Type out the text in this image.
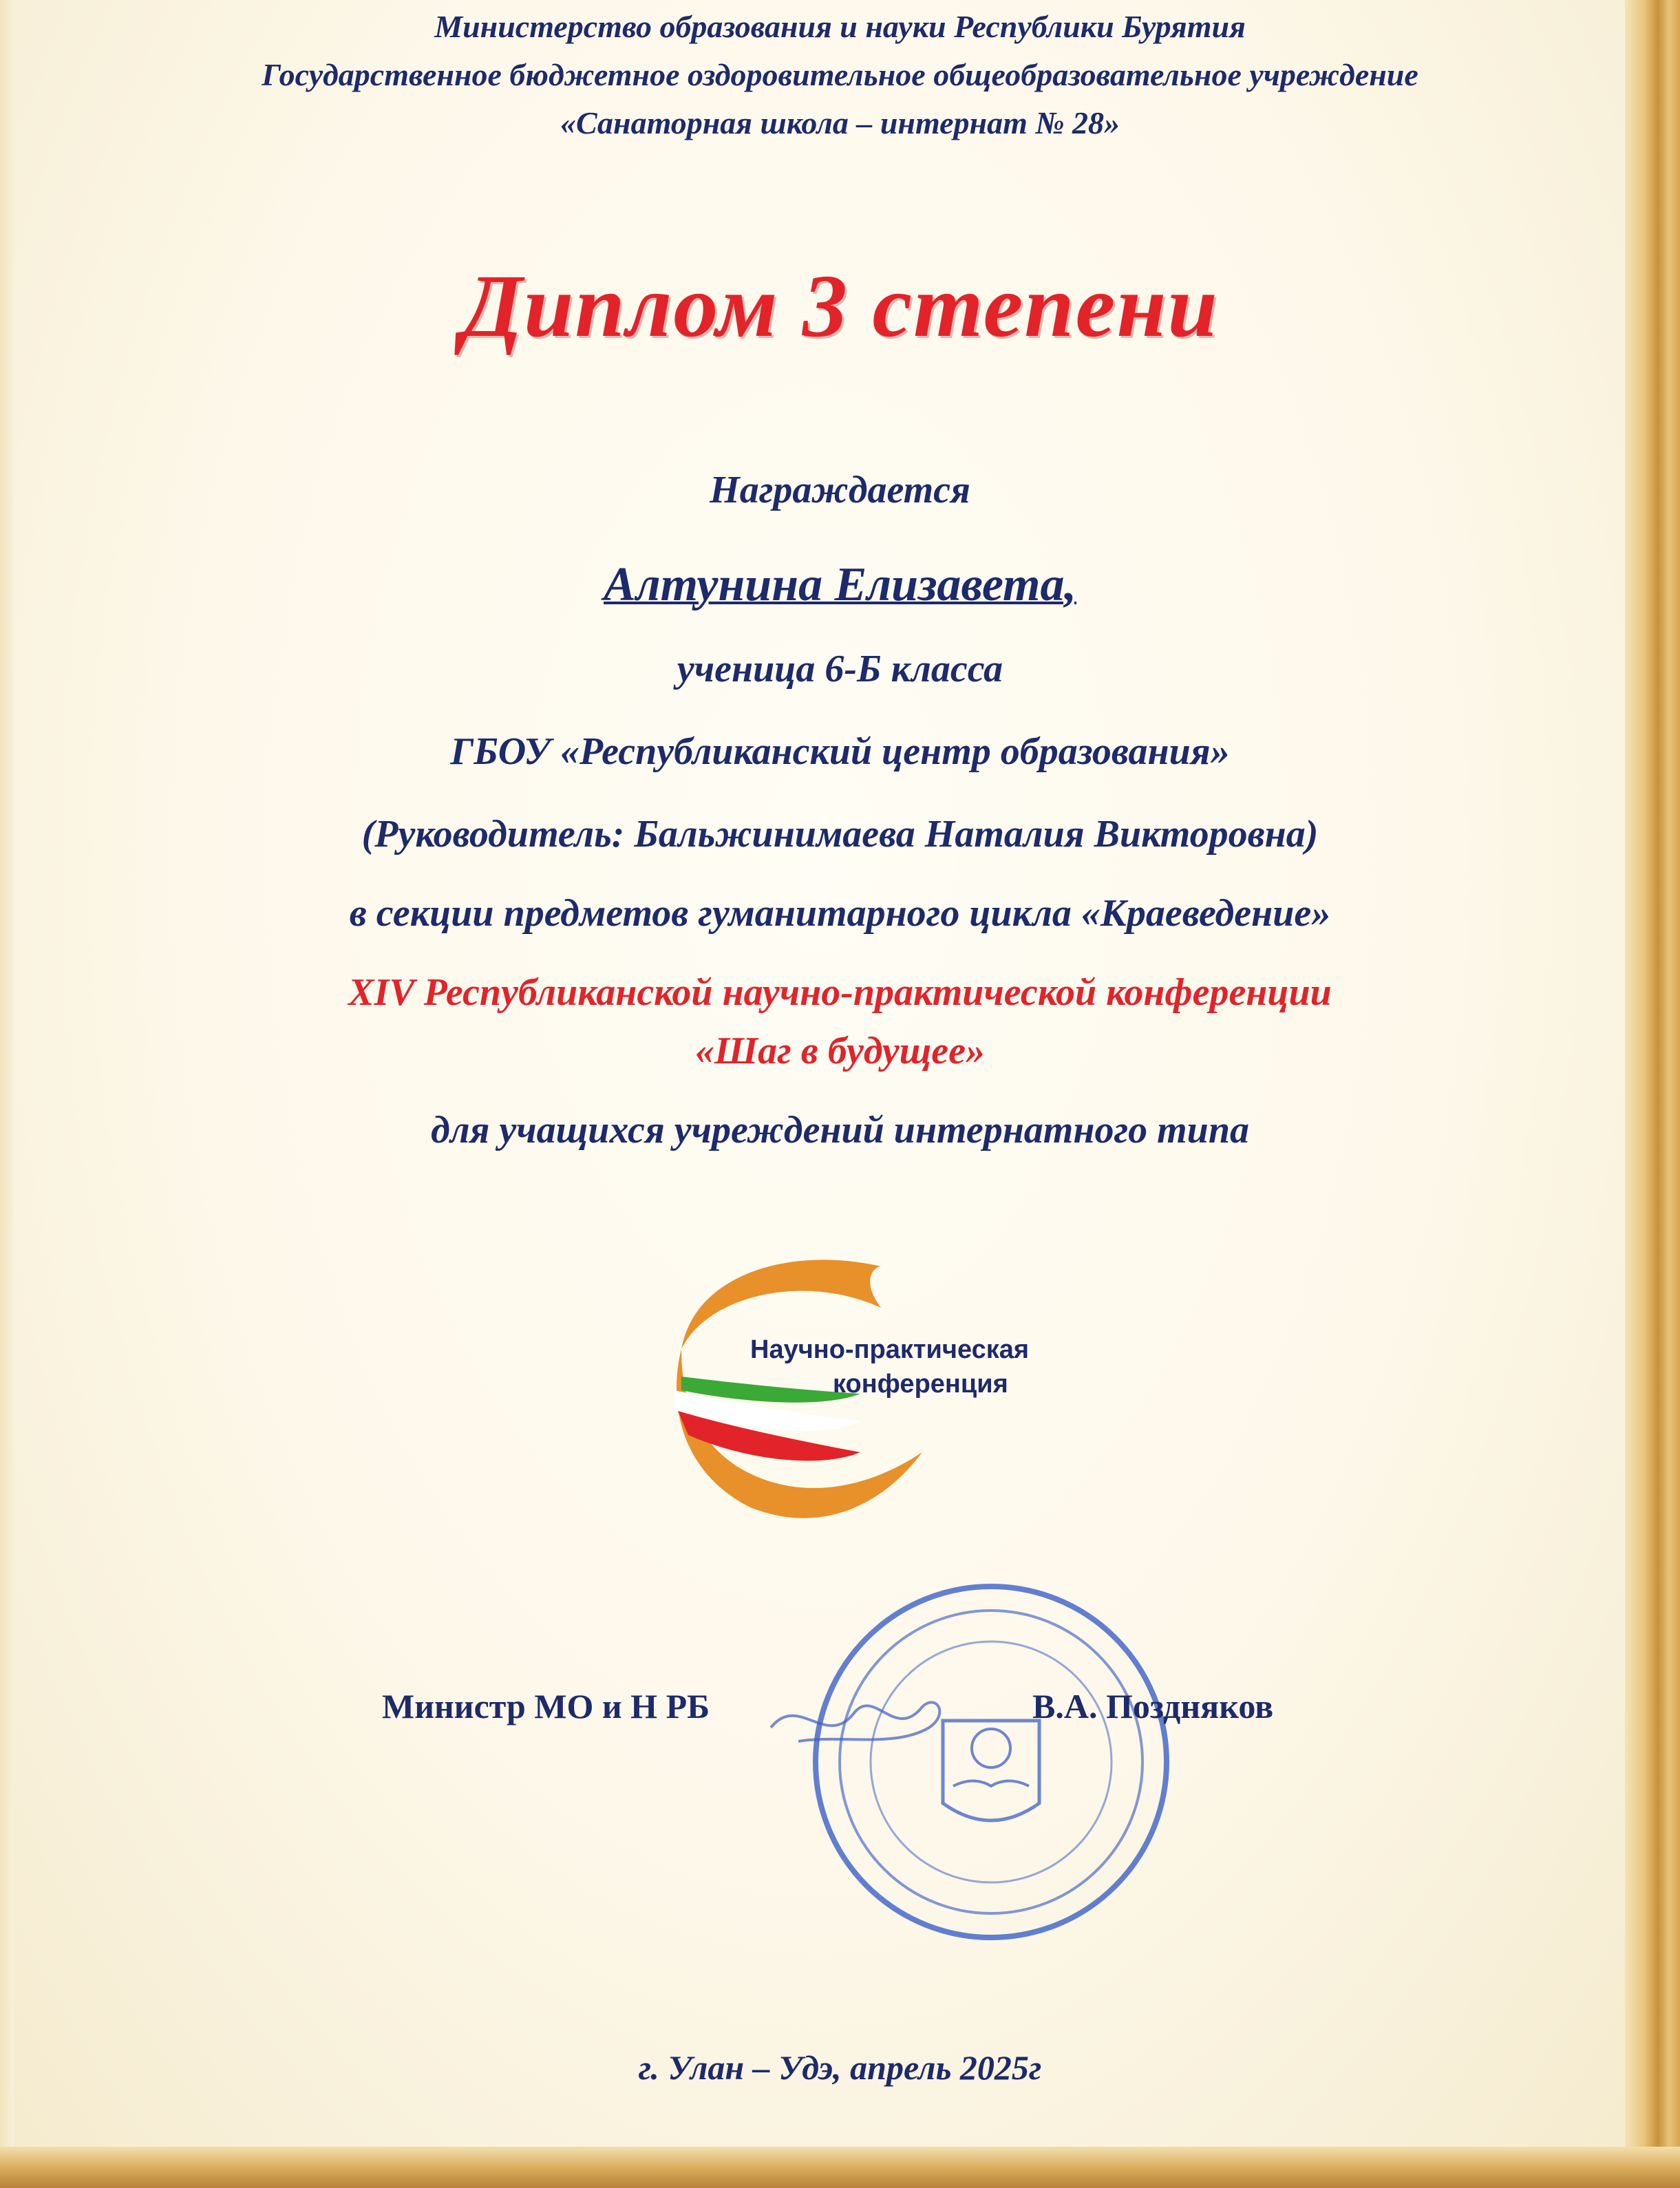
Министерство образования и науки Республики Бурятия
Государственное бюджетное оздоровительное общеобразовательное учреждение
«Санаторная школа – интернат № 28»
Диплом 3 степени
Награждается
Алтунина Елизавета,
ученица 6-Б класса
ГБОУ «Республиканский центр образования»
(Руководитель: Бальжинимаева Наталия Викторовна)
в секции предметов гуманитарного цикла «Краеведение»
XIV Республиканской научно-практической конференции
«Шаг в будущее»
для учащихся учреждений интернатного типа
Научно-практическая
конференция
Министр МО и Н РБ	В.А. Поздняков
г. Улан – Удэ, апрель 2025г
